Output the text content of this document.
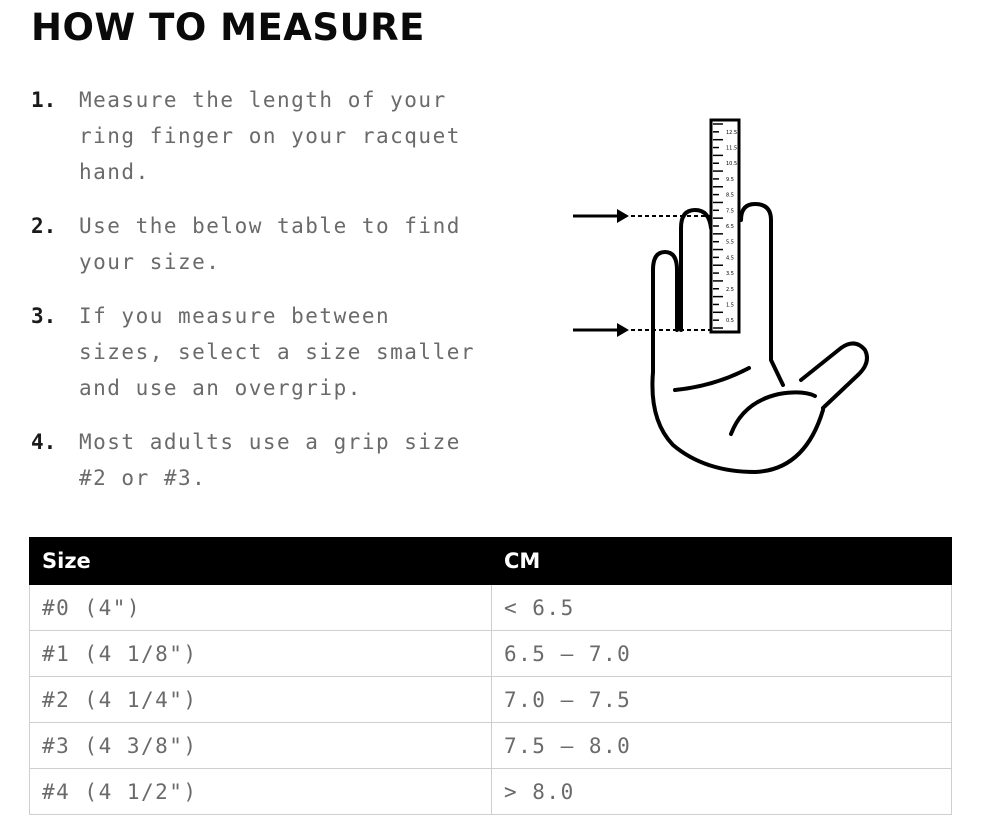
HOW TO MEASURE
1.	Measure the length of your
ring finger on your racquet
hand.
2.	Use the below table to find
your size.
3.	If you measure between
sizes, select a size smaller
and use an overgrip.
4.	Most adults use a grip size
#2 or #3.
12.5
11.5
10.5
9.5
8.5
7.5
6.5
5.5
4.5
3.5
2.5
1.5
0.5
Size	CM
#0 (4")	< 6.5
#1 (4 1/8")	6.5 – 7.0
#2 (4 1/4")	7.0 – 7.5
#3 (4 3/8")	7.5 – 8.0
#4 (4 1/2")	> 8.0
